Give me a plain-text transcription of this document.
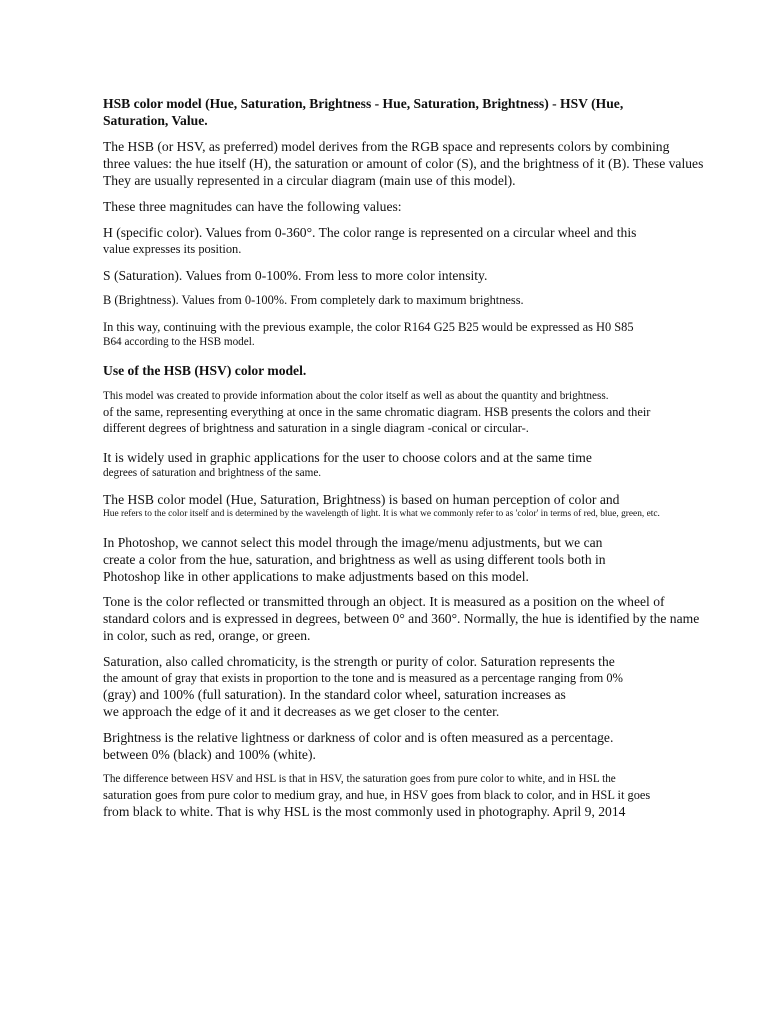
HSB color model (Hue, Saturation, Brightness - Hue, Saturation, Brightness) - HSV (Hue,
Saturation, Value.
The HSB (or HSV, as preferred) model derives from the RGB space and represents colors by combining
three values: the hue itself (H), the saturation or amount of color (S), and the brightness of it (B). These values
They are usually represented in a circular diagram (main use of this model).
These three magnitudes can have the following values:
H (specific color). Values from 0-360°. The color range is represented on a circular wheel and this
value expresses its position.
S (Saturation). Values from 0-100%. From less to more color intensity.
B (Brightness). Values from 0-100%. From completely dark to maximum brightness.
In this way, continuing with the previous example, the color R164 G25 B25 would be expressed as H0 S85
B64 according to the HSB model.
Use of the HSB (HSV) color model.
This model was created to provide information about the color itself as well as about the quantity and brightness.
of the same, representing everything at once in the same chromatic diagram. HSB presents the colors and their
different degrees of brightness and saturation in a single diagram -conical or circular-.
It is widely used in graphic applications for the user to choose colors and at the same time
degrees of saturation and brightness of the same.
The HSB color model (Hue, Saturation, Brightness) is based on human perception of color and
Hue refers to the color itself and is determined by the wavelength of light. It is what we commonly refer to as 'color' in terms of red, blue, green, etc.
In Photoshop, we cannot select this model through the image/menu adjustments, but we can
create a color from the hue, saturation, and brightness as well as using different tools both in
Photoshop like in other applications to make adjustments based on this model.
Tone is the color reflected or transmitted through an object. It is measured as a position on the wheel of
standard colors and is expressed in degrees, between 0° and 360°. Normally, the hue is identified by the name
in color, such as red, orange, or green.
Saturation, also called chromaticity, is the strength or purity of color. Saturation represents the
the amount of gray that exists in proportion to the tone and is measured as a percentage ranging from 0%
(gray) and 100% (full saturation). In the standard color wheel, saturation increases as
we approach the edge of it and it decreases as we get closer to the center.
Brightness is the relative lightness or darkness of color and is often measured as a percentage.
between 0% (black) and 100% (white).
The difference between HSV and HSL is that in HSV, the saturation goes from pure color to white, and in HSL the
saturation goes from pure color to medium gray, and hue, in HSV goes from black to color, and in HSL it goes
from black to white. That is why HSL is the most commonly used in photography. April 9, 2014
